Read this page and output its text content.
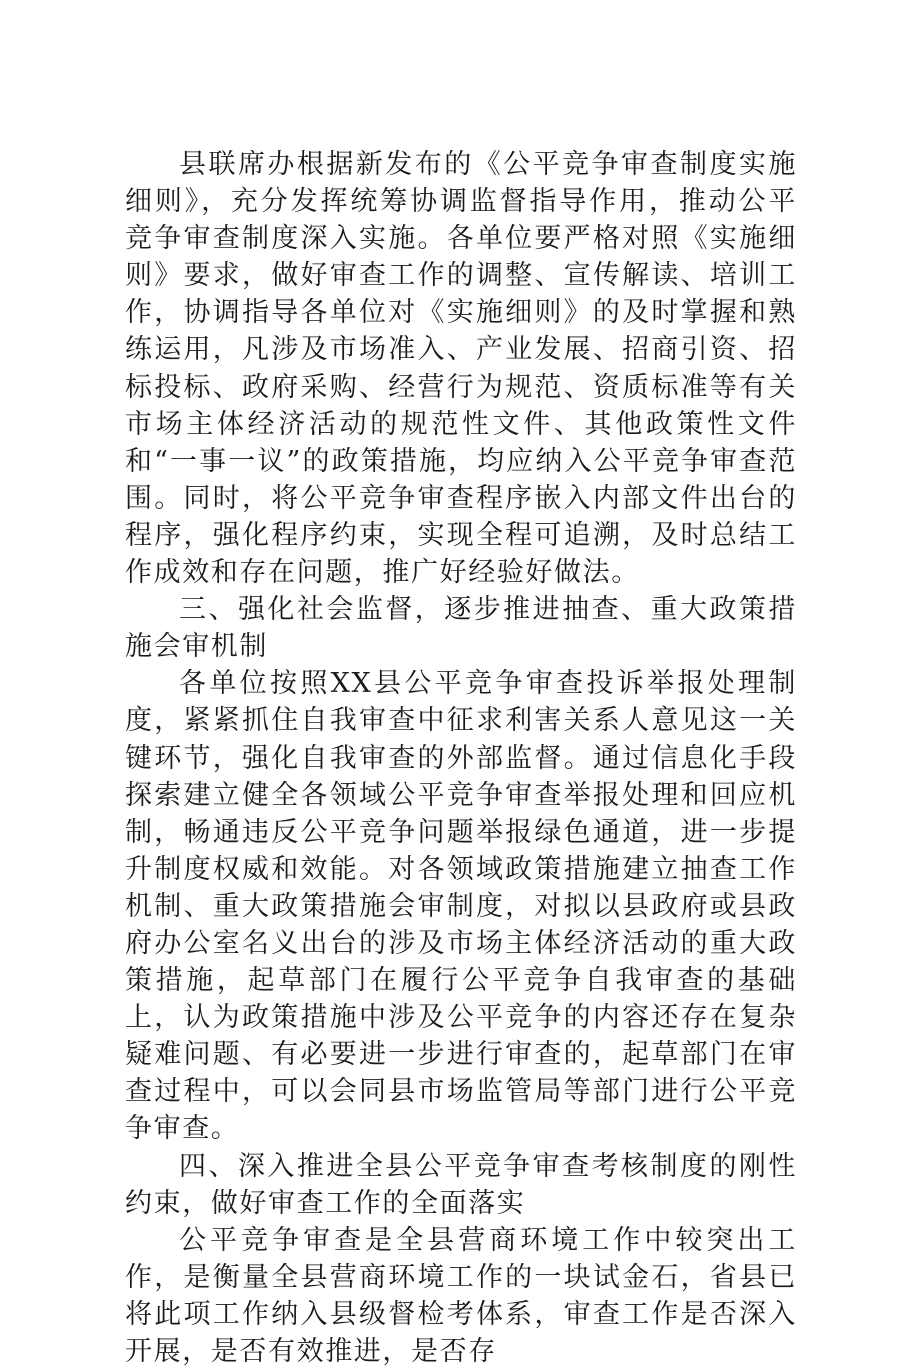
县联席办根据新发布的《公平竞争审查制度实施细则》，充分发挥统筹协调监督指导作用，推动公平竞争审查制度深入实施。各单位要严格对照《实施细则》要求，做好审查工作的调整、宣传解读、培训工作，协调指导各单位对《实施细则》的及时掌握和熟练运用，凡涉及市场准入、产业发展、招商引资、招标投标、政府采购、经营行为规范、资质标准等有关市场主体经济活动的规范性文件、其他政策性文件和“一事一议”的政策措施，均应纳入公平竞争审查范围。同时，将公平竞争审查程序嵌入内部文件出台的程序，强化程序约束，实现全程可追溯，及时总结工作成效和存在问题，推广好经验好做法。

三、强化社会监督，逐步推进抽查、重大政策措施会审机制

各单位按照XX县公平竞争审查投诉举报处理制度，紧紧抓住自我审查中征求利害关系人意见这一关键环节，强化自我审查的外部监督。通过信息化手段探索建立健全各领域公平竞争审查举报处理和回应机制，畅通违反公平竞争问题举报绿色通道，进一步提升制度权威和效能。对各领域政策措施建立抽查工作机制、重大政策措施会审制度，对拟以县政府或县政府办公室名义出台的涉及市场主体经济活动的重大政策措施，起草部门在履行公平竞争自我审查的基础上，认为政策措施中涉及公平竞争的内容还存在复杂疑难问题、有必要进一步进行审查的，起草部门在审查过程中，可以会同县市场监管局等部门进行公平竞争审查。

四、深入推进全县公平竞争审查考核制度的刚性约束，做好审查工作的全面落实

公平竞争审查是全县营商环境工作中较突出工作，是衡量全县营商环境工作的一块试金石，省县已将此项工作纳入县级督检考体系，审查工作是否深入开展，是否有效推进，是否存
